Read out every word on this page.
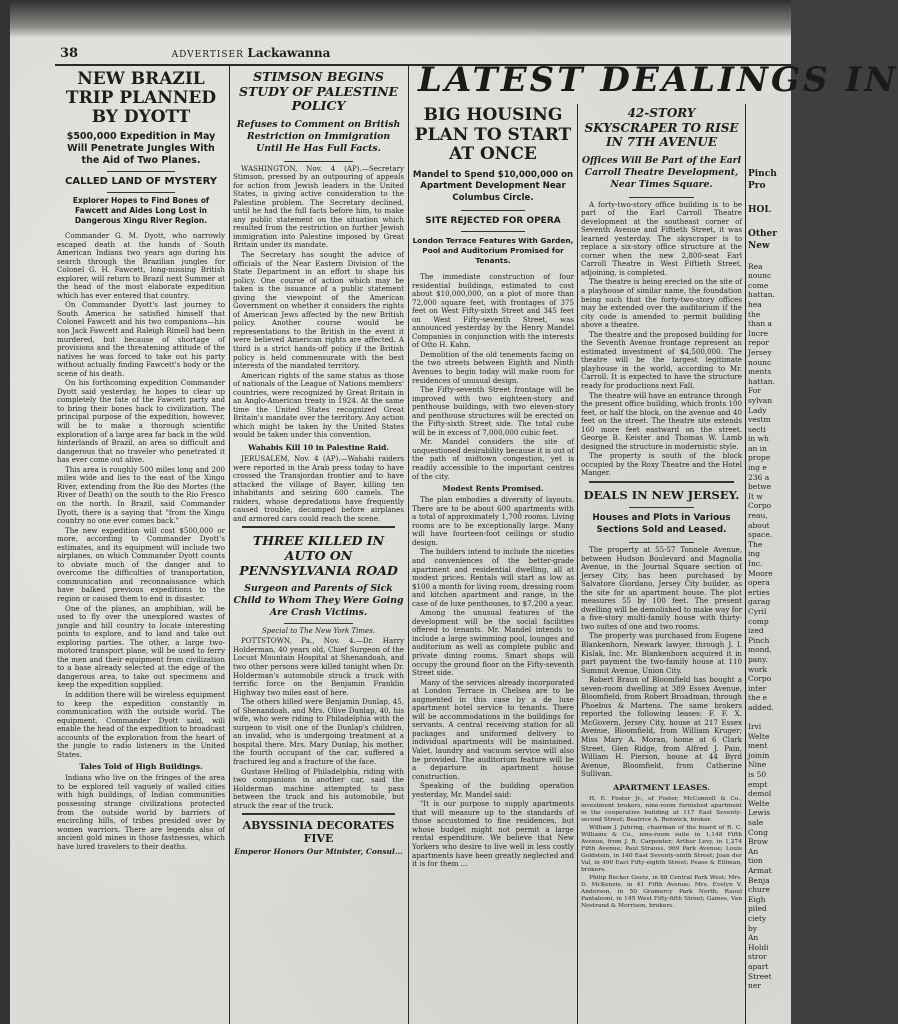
38	ADVERTISER Lackawanna
LATEST DEALINGS IN
NEW BRAZIL TRIP PLANNED BY DYOTT
$500,000 Expedition in May Will Penetrate Jungles With the Aid of Two Planes.
CALLED LAND OF MYSTERY
Explorer Hopes to Find Bones of Fawcett and Aides Long Lost in Dangerous Xingu River Region.

Commander G. M. Dyott, who narrowly escaped death at the hands of South American Indians two years ago during his search through the Brazilian jungles for Colonel G. H. Fawcett, long-missing British explorer, will return to Brazil next Summer at the head of the most elaborate expedition which has ever entered that country.

On Commander Dyott's last journey to South America he satisfied himself that Colonel Fawcett and his two companions—his son Jack Fawcett and Raleigh Rimell had been murdered, but because of shortage of provisions and the threatening attitude of the natives he was forced to take out his party without actually finding Fawcett's body or the scene of his death.

On his forthcoming expedition Commander Dyott said yesterday, he hopes to clear up completely the fate of the Fawcett party and to bring their bones back to civilization. The principal purpose of the expedition, however, will be to make a thorough scientific exploration of a large area far back in the wild hinterlands of Brazil, an area so difficult and dangerous that no traveler who penetrated it has ever come out alive.

This area is roughly 500 miles long and 200 miles wide and lies to the east of the Xingu River, extending from the Rio des Mortes (the River of Death) on the south to the Rio Fresco on the north. In Brazil, said Commander Dyott, there is a saying that "from the Xingu country no one ever comes back."

The new expedition will cost $500,000 or more, according to Commander Dyott's estimates, and its equipment will include two airplanes, on which Commander Dyott counts to obviate much of the danger and to overcome the difficulties of transportation, communication and reconnaissance which have balked previous expeditions to the region or caused them to end in disaster.

One of the planes, an amphibian, will be used to fly over the unexplored wastes of jungle and hill country to locate interesting points to explore, and to land and take out exploring parties. The other, a large two-motored transport plane, will be used to ferry the men and their equipment from civilization to a base already selected at the edge of the dangerous area, to take out specimens and keep the expedition supplied.

In addition there will be wireless equipment to keep the expedition constantly in communication with the outside world. The equipment, Commander Dyott said, will enable the head of the expedition to broadcast accounts of the exploration from the heart of the jungle to radio listeners in the United States.

Tales Told of High Buildings.

Indians who live on the fringes of the area to be explored tell vaguely of walled cities with high buildings, of Indian communities possessing strange civilizations protected from the outside world by barriers of encircling hills, of tribes presided over by women warriors. There are legends also of ancient gold mines in those fastnesses, which have lured travelers to their deaths.

STIMSON BEGINS STUDY OF PALESTINE POLICY
Refuses to Comment on British Restriction on Immigration Until He Has Full Facts.

WASHINGTON, Nov. 4 (AP).—Secretary Stimson, pressed by an outpouring of appeals for action from Jewish leaders in the United States, is giving active consideration to the Palestine problem. The Secretary declined, until he had the full facts before him, to make any public statement on the situation which resulted from the restriction on further Jewish immigration into Palestine imposed by Great Britain under its mandate.

The Secretary has sought the advice of officials of the Near Eastern Division of the State Department in an effort to shape his policy. One course of action which may be taken is the issuance of a public statement giving the viewpoint of the American Government on whether it considers the rights of American Jews affected by the new British policy. Another course would be representations to the British in the event it were believed American rights are affected. A third is a strict hands-off policy if the British policy is held commensurate with the best interests of the mandated territory.

American rights of the same status as those of nationals of the League of Nations members' countries, were recognized by Great Britain in an Anglo-American treaty in 1924. At the same time the United States recognized Great Britain's mandate over the territory. Any action which might be taken by the United States would be taken under this convention.

Wahabis Kill 10 in Palestine Raid.

JERUSALEM, Nov. 4 (AP).—Wahabi raiders were reported in the Arab press today to have crossed the Transjordan frontier and to have attacked the village of Bayer, killing ten inhabitants and seizing 600 camels. The raiders, whose depredations have frequently caused trouble, decamped before airplanes and armored cars could reach the scene.

THREE KILLED IN AUTO ON PENNSYLVANIA ROAD
Surgeon and Parents of Sick Child to Whom They Were Going Are Crash Victims.
Special to The New York Times.

POTTSTOWN, Pa., Nov. 4.—Dr. Harry Holderman, 40 years old, Chief Surgeon of the Locust Mountain Hospital at Shenandoah, and two other persons were killed tonight when Dr. Holderman's automobile struck a truck with terrific force on the Benjamin Franklin Highway two miles east of here.

The others killed were Benjamin Dunlap, 45, of Shenandoah, and Mrs. Olive Dunlap, 40, his wife, who were riding to Philadelphia with the surgeon to visit one of the Dunlap's children, an invalid, who is undergoing treatment at a hospital there. Mrs. Mary Dunlap, his mother, the fourth occupant of the car, suffered a fractured leg and a fracture of the face.

Gustave Helling of Philadelphia, riding with two companions in another car, said the Holderman machine attempted to pass between the truck and his automobile, but struck the rear of the truck.

ABYSSINIA DECORATES FIVE
Emperor Honors Our Minister, Consul...
BIG HOUSING PLAN TO START AT ONCE
Mandel to Spend $10,000,000 on Apartment Development Near Columbus Circle.
SITE REJECTED FOR OPERA
London Terrace Features With Garden, Pool and Auditorium Promised for Tenants.

The immediate construction of four residential buildings, estimated to cost about $10,000,000, on a plot of more than 72,000 square feet, with frontages of 375 feet on West Fifty-sixth Street and 345 feet on West Fifty-seventh Street, was announced yesterday by the Henry Mandel Companies in conjunction with the interests of Otto H. Kahn.

Demolition of the old tenements facing on the two streets between Eighth and Ninth Avenues to begin today will make room for residences of unusual design.

The Fifty-seventh Street frontage will be improved with two eighteen-story and penthouse buildings, with two eleven-story and penthouse structures will be erected on the Fifty-sixth Street side. The total cube will be in excess of 7,000,000 cubic feet.

Mr. Mandel considers the site of unquestioned desirability because it is out of the path of midtown congestion, yet is readily accessible to the important centres of the city.

Modest Rents Promised.

The plan embodies a diversity of layouts. There are to be about 600 apartments with a total of approximately 1,700 rooms. Living rooms are to be exceptionally large. Many will have fourteen-foot ceilings or studio design.

The builders intend to include the niceties and conveniences of the better-grade apartment and residential dwelling, all at modest prices. Rentals will start as low as $100 a month for living room, dressing room and kitchen apartment and range, in the case of de luxe penthouses, to $7,200 a year.

Among the unusual features of the development will be the social facilities offered to tenants. Mr. Mandel intends to include a large swimming pool, lounges and auditorium as well as complete public and private dining rooms. Smart shops will occupy the ground floor on the Fifty-seventh Street side.

Many of the services already incorporated at London Terrace in Chelsea are to be augmented in this case by a de luxe apartment hotel service to tenants. There will be accommodations in the buildings for servants. A central receiving station for all packages and uniformed delivery to individual apartments will be maintained. Valet, laundry and vacuum service will also be provided. The auditorium feature will be a departure in apartment house construction.

Speaking of the building operation yesterday, Mr. Mandel said:

"It is our purpose to supply apartments that will measure up to the standards of those accustomed to fine residences, but whose budget might not permit a large rental expenditure. We believe that New Yorkers who desire to live well in less costly apartments have been greatly neglected and it is for them ...

42-STORY SKYSCRAPER TO RISE IN 7TH AVENUE
Offices Will Be Part of the Earl Carroll Theatre Development, Near Times Square.

A forty-two-story office building is to be part of the Earl Carroll Theatre development at the southeast corner of Seventh Avenue and Fiftieth Street, it was learned yesterday. The skyscraper is to replace a six-story office structure at the corner when the new 2,800-seat Earl Carroll Theatre in West Fiftieth Street, adjoining, is completed.

The theatre is being erected on the site of a playhouse of similar name, the foundation being such that the forty-two-story offices may be extended over the auditorium if the city code is amended to permit building above a theatre.

The theatre and the proposed building for the Seventh Avenue frontage represent an estimated investment of $4,500,000. The theatre will be the largest legitimate playhouse in the world, according to Mr. Carroll. It is expected to have the structure ready for productions next Fall.

The theatre will have an entrance through the present office building, which fronts 100 feet, or half the block, on the avenue and 40 feet on the street. The theatre site extends 160 more feet eastward on the street. George B. Keister and Thomas W. Lamb designed the structure in modernistic style.

The property is south of the block occupied by the Roxy Theatre and the Hotel Manger.

DEALS IN NEW JERSEY.
Houses and Plots in Various Sections Sold and Leased.

The property at 55-57 Tonnele Avenue, between Hudson Boulevard and Magnolia Avenue, in the Journal Square section of Jersey City, has been purchased by Salvatore Giordano, Jersey City builder, as the site for an apartment house. The plot measures 55 by 100 feet. The present dwelling will be demolished to make way for a five-story multi-family house with thirty-two suites of one and two rooms.

The property was purchased from Eugene Blankenhorn, Newark lawyer, through J. I. Kislak, Inc. Mr. Blankenhorn acquired it in part payment the two-family house at 110 Summit Avenue, Union City.

Robert Braun of Bloomfield has bought a seven-room dwelling at 389 Essex Avenue, Bloomfield, from Robert Broadman, through Phoebus & Martens. The same brokers reported the following leases: F. F. X. McGovern, Jersey City, house at 217 Essex Avenue, Bloomfield, from William Kruger; Miss Mary A. Moran, home at 6 Clark Street, Glen Ridge, from Alfred J. Pain, William H. Pierson, house at 44 Byrd Avenue, Bloomfield, from Catherine Sullivan.

APARTMENT LEASES.

H. E. Foster Jr., of Foster, McConnell & Co., investment brokers, nine-room furnished apartment in the cooperative building at 117 East Seventy-second Street; Beatrice A. Renwick, broker.

William J. Juhring, chairman of the board of R. C. Williams & Co., nine-room suite in 1,148 Fifth Avenue, from J. R. Carpenter; Arthur Levy, in 1,274 Fifth Avenue; Paul Strauss, 969 Park Avenue; Louis Goldstein, in 140 East Seventy-ninth Street; Joan der Val, in 400 East Fifty-eighth Street; Pease & Elliman, brokers.

Philip Becker Goetz, in 88 Central Park West; Mrs. D. McKenzie, in 41 Fifth Avenue; Mrs. Evelyn V. Anderson, in 50 Gramercy Park North; Raoul Pantaleoni, in 145 West Fifty-fifth Street; Gaines, Van Nostrand & Morrison, brokers.

Pinch
Pro

HOL

Other
New

Rea
nounc
come
hattan.
hea
the
than a
Incre
repor
Jersey
nounc
ments
hattan.
For
sylvan
Lady
vestm
secti
in wh
an in
prope
ing e
236 a
betwe
It w
Corpo
reau,
about
space.
The
ing
Inc.
Moore
opera
erties
garag
Cyril
comp
ized
Pinch
mond,
pany.
work
Corpo
inter
the e
added.

Irvi
Welte
ment
joinin
Nine
is 50
empt
demol
Welte
Lewis
sale
Cong
Brow
An
tion
Armat
Benja
chure
Eigh
piled
ciety
by
An
Holdi
stror
apart
Street
ner
